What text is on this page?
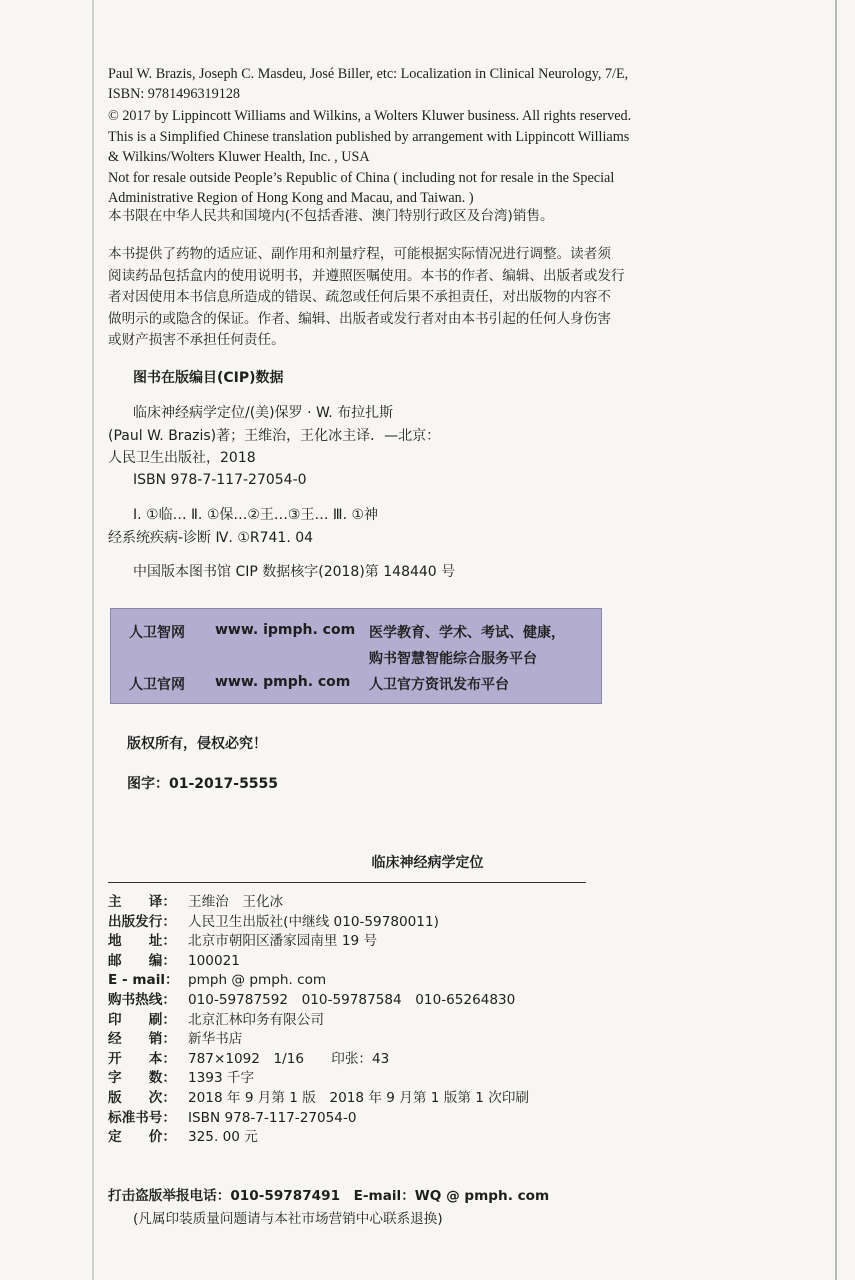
Paul W. Brazis, Joseph C. Masdeu, José Biller, etc: Localization in Clinical Neurology, 7/E,
ISBN: 9781496319128
© 2017 by Lippincott Williams and Wilkins, a Wolters Kluwer business. All rights reserved.
This is a Simplified Chinese translation published by arrangement with Lippincott Williams
& Wilkins/Wolters Kluwer Health, Inc. , USA
Not for resale outside People’s Republic of China ( including not for resale in the Special
Administrative Region of Hong Kong and Macau, and Taiwan. )
本书限在中华人民共和国境内(不包括香港、澳门特别行政区及台湾)销售。
本书提供了药物的适应证、副作用和剂量疗程，可能根据实际情况进行调整。读者须
阅读药品包括盒内的使用说明书，并遵照医嘱使用。本书的作者、编辑、出版者或发行
者对因使用本书信息所造成的错误、疏忽或任何后果不承担责任，对出版物的内容不
做明示的或隐含的保证。作者、编辑、出版者或发行者对由本书引起的任何人身伤害
或财产损害不承担任何责任。
图书在版编目(CIP)数据
临床神经病学定位/(美)保罗 · W. 布拉扎斯
(Paul W. Brazis)著；王维治，王化冰主译．—北京：
人民卫生出版社，2018
ISBN 978-7-117-27054-0
Ⅰ. ①临… Ⅱ. ①保…②王…③王… Ⅲ. ①神
经系统疾病-诊断 Ⅳ. ①R741. 04
中国版本图书馆 CIP 数据核字(2018)第 148440 号
人卫智网 www. ipmph. com 医学教育、学术、考试、健康，
购书智慧智能综合服务平台
人卫官网 www. pmph. com 人卫官方资讯发布平台
版权所有，侵权必究！
图字：01-2017-5555
临床神经病学定位
主　　译： 王维治　王化冰
出版发行： 人民卫生出版社(中继线 010-59780011)
地　　址： 北京市朝阳区潘家园南里 19 号
邮　　编： 100021
E - mail： pmph @ pmph. com
购书热线： 010-59787592　010-59787584　010-65264830
印　　刷： 北京汇林印务有限公司
经　　销： 新华书店
开　　本： 787×1092　1/16　　印张：43
字　　数： 1393 千字
版　　次： 2018 年 9 月第 1 版　2018 年 9 月第 1 版第 1 次印刷
标准书号： ISBN 978-7-117-27054-0
定　　价： 325. 00 元
打击盗版举报电话：010-59787491　E-mail：WQ @ pmph. com
(凡属印装质量问题请与本社市场营销中心联系退换)
